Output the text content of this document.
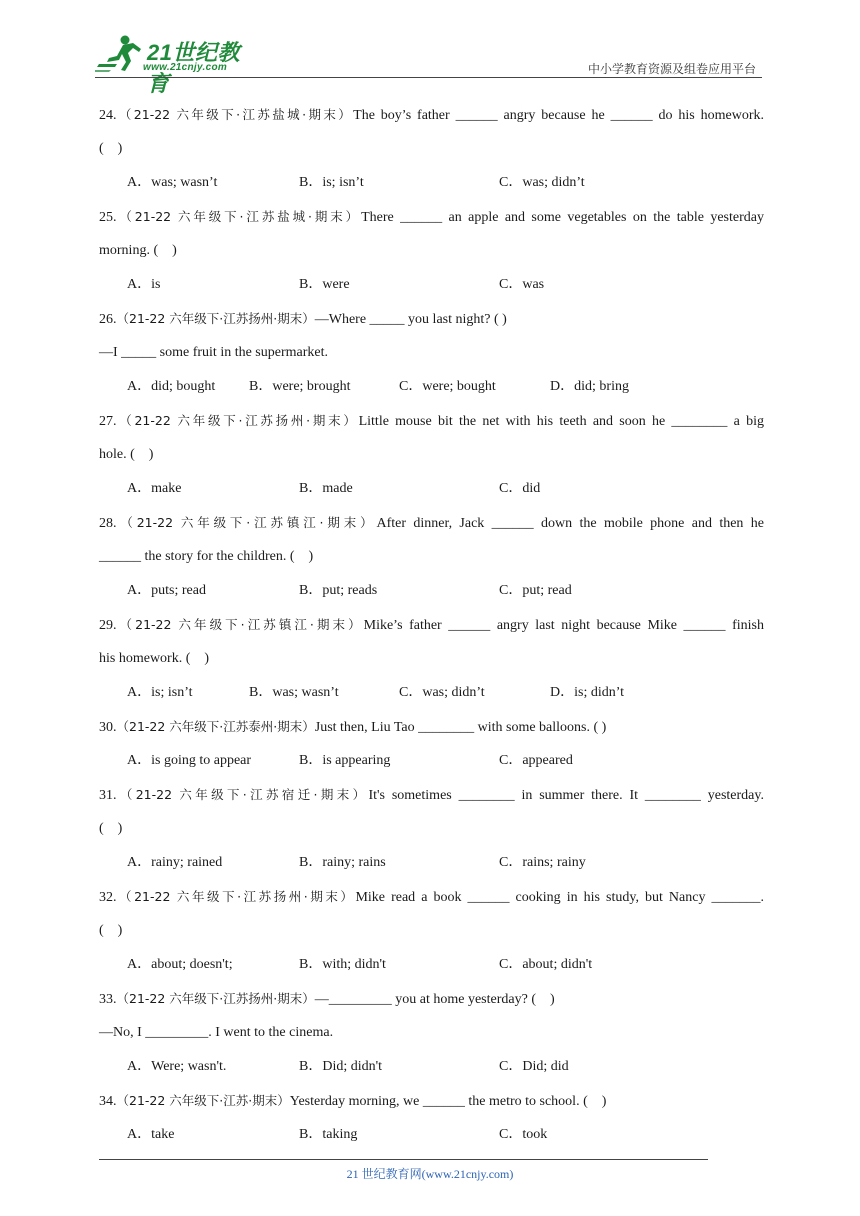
21世纪教育
www.21cnjy.com	中小学教育资源及组卷应用平台
24.（21-22 六年级下·江苏盐城·期末）The boy’s father ______ angry because he ______ do his homework.
(　)
A．was; wasn’t	B．is; isn’t	C．was; didn’t
25.（21-22 六年级下·江苏盐城·期末）There ______ an apple and some vegetables on the table yesterday
morning. (　)
A．is	B．were	C．was
26.（21-22 六年级下·江苏扬州·期末）—Where _____ you last night? ( )
—I _____ some fruit in the supermarket.
A．did; bought B．were; brought	C．were; bought	D．did; bring
27.（21-22 六年级下·江苏扬州·期末）Little mouse bit the net with his teeth and soon he ________ a big
hole. (　)
A．make	B．made	C．did
28.（21-22 六年级下·江苏镇江·期末）After dinner, Jack ______ down the mobile phone and then he
______ the story for the children. (　)
A．puts; read	B．put; reads	C．put; read
29.（21-22 六年级下·江苏镇江·期末）Mike’s father ______ angry last night because Mike ______ finish
his homework. (　)
A．is; isn’t	B．was; wasn’t	C．was; didn’t	D．is; didn’t
30.（21-22 六年级下·江苏泰州·期末）Just then, Liu Tao ________ with some balloons. ( )
A．is going to appear	B．is appearing	C．appeared
31.（21-22 六年级下·江苏宿迁·期末）It's sometimes ________ in summer there. It ________ yesterday.
(　)
A．rainy; rained	B．rainy; rains	C．rains; rainy
32.（21-22 六年级下·江苏扬州·期末）Mike read a book ______ cooking in his study, but Nancy _______.
(　)
A．about; doesn't;	B．with; didn't	C．about; didn't
33.（21-22 六年级下·江苏扬州·期末）—_________ you at home yesterday? (　)
—No, I _________. I went to the cinema.
A．Were; wasn't.	B．Did; didn't	C．Did; did
34.（21-22 六年级下·江苏·期末）Yesterday morning, we ______ the metro to school. (　)
A．take	B．taking	C．took
21 世纪教育网(www.21cnjy.com)
